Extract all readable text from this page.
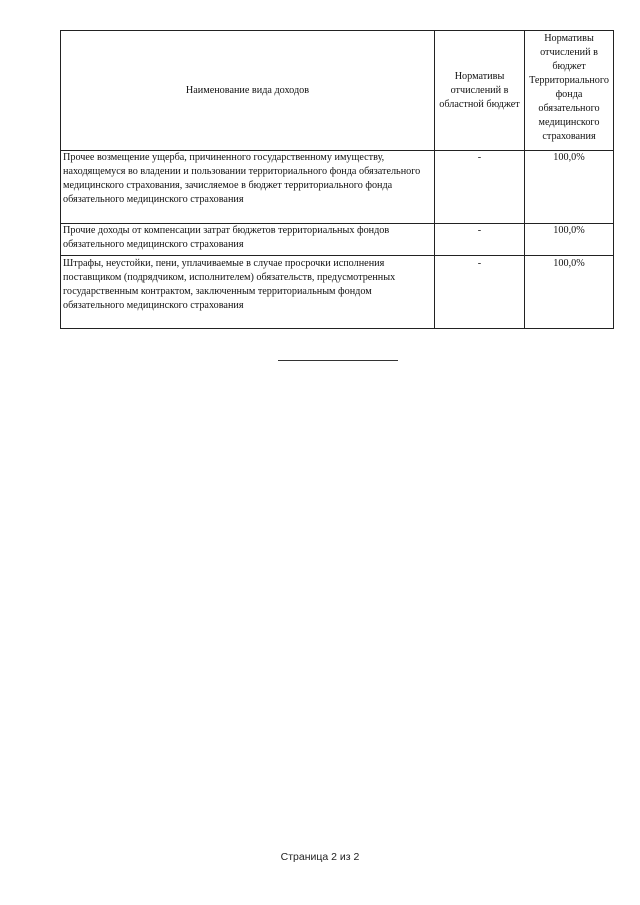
Наименование вида доходов	Нормативы отчислений в областной бюджет	Нормативы отчислений в бюджет Территориального фонда обязательного медицинского страхования
Прочее возмещение ущерба, причиненного государственному имуществу, находящемуся во владении и пользовании территориального фонда обязательного медицинского страхования, зачисляемое в бюджет территориального фонда обязательного медицинского страхования	-	100,0%
Прочие доходы от компенсации затрат бюджетов территориальных фондов обязательного медицинского страхования	-	100,0%
Штрафы, неустойки, пени, уплачиваемые в случае просрочки исполнения поставщиком (подрядчиком, исполнителем) обязательств, предусмотренных государственным контрактом, заключенным территориальным фондом обязательного медицинского страхования	-	100,0%
Страница 2 из 2
